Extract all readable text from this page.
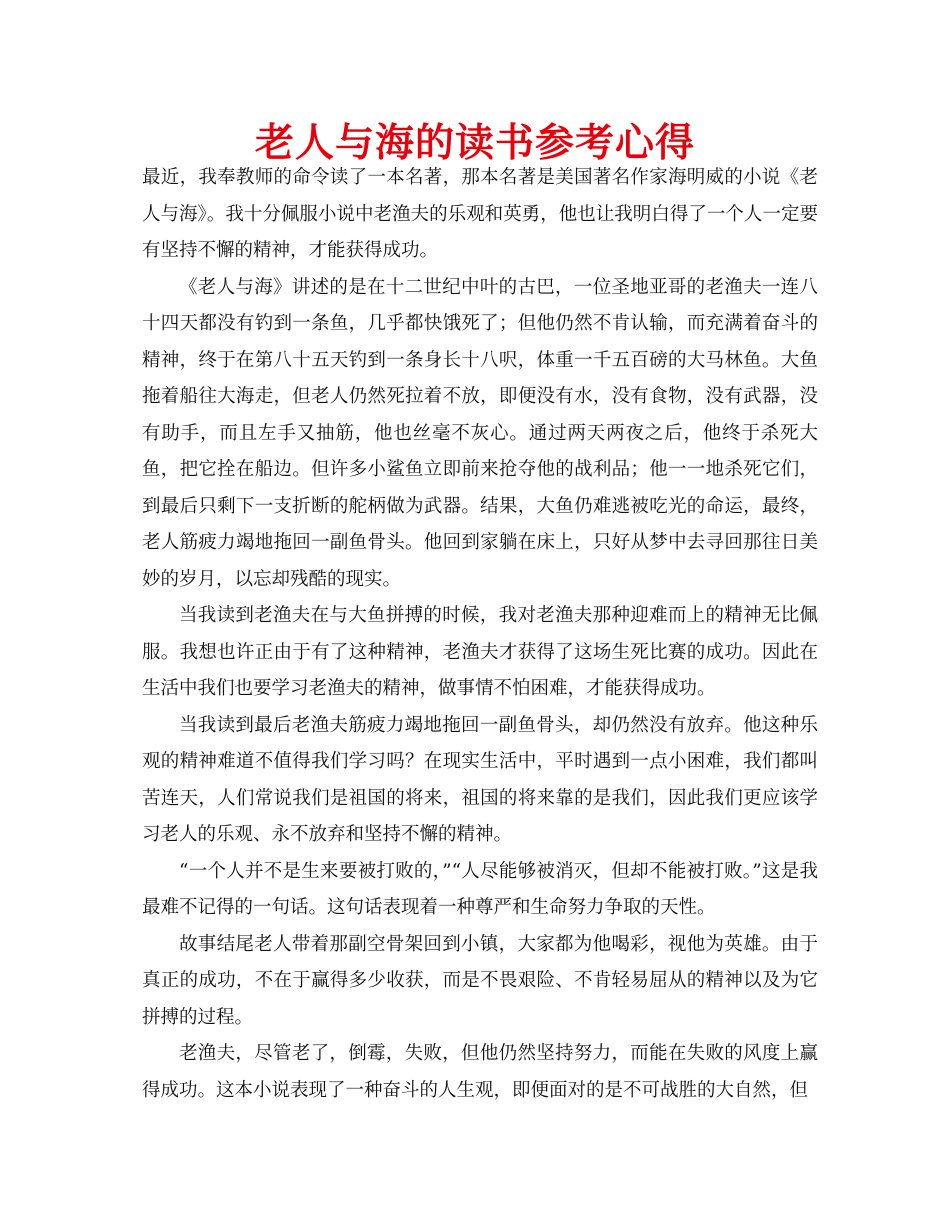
老人与海的读书参考心得

最近，我奉教师的命令读了一本名著，那本名著是美国著名作家海明威的小说《老人与海》。我十分佩服小说中老渔夫的乐观和英勇，他也让我明白得了一个人一定要有坚持不懈的精神，才能获得成功。

《老人与海》讲述的是在十二世纪中叶的古巴，一位圣地亚哥的老渔夫一连八十四天都没有钓到一条鱼，几乎都快饿死了；但他仍然不肯认输，而充满着奋斗的精神，终于在第八十五天钓到一条身长十八呎，体重一千五百磅的大马林鱼。大鱼拖着船往大海走，但老人仍然死拉着不放，即便没有水，没有食物，没有武器，没有助手，而且左手又抽筋，他也丝毫不灰心。通过两天两夜之后，他终于杀死大鱼，把它拴在船边。但许多小鲨鱼立即前来抢夺他的战利品；他一一地杀死它们，到最后只剩下一支折断的舵柄做为武器。结果，大鱼仍难逃被吃光的命运，最终，老人筋疲力竭地拖回一副鱼骨头。他回到家躺在床上，只好从梦中去寻回那往日美妙的岁月，以忘却残酷的现实。

当我读到老渔夫在与大鱼拼搏的时候，我对老渔夫那种迎难而上的精神无比佩服。我想也许正由于有了这种精神，老渔夫才获得了这场生死比赛的成功。因此在生活中我们也要学习老渔夫的精神，做事情不怕困难，才能获得成功。

当我读到最后老渔夫筋疲力竭地拖回一副鱼骨头，却仍然没有放弃。他这种乐观的精神难道不值得我们学习吗？在现实生活中，平时遇到一点小困难，我们都叫苦连天，人们常说我们是祖国的将来，祖国的将来靠的是我们，因此我们更应该学习老人的乐观、永不放弃和坚持不懈的精神。

“一个人并不是生来要被打败的，”“人尽能够被消灭，但却不能被打败。”这是我最难不记得的一句话。这句话表现着一种尊严和生命努力争取的天性。

故事结尾老人带着那副空骨架回到小镇，大家都为他喝彩，视他为英雄。由于真正的成功，不在于赢得多少收获，而是不畏艰险、不肯轻易屈从的精神以及为它拼搏的过程。

老渔夫，尽管老了，倒霉，失败，但他仍然坚持努力，而能在失败的风度上赢得成功。这本小说表现了一种奋斗的人生观，即便面对的是不可战胜的大自然，但
